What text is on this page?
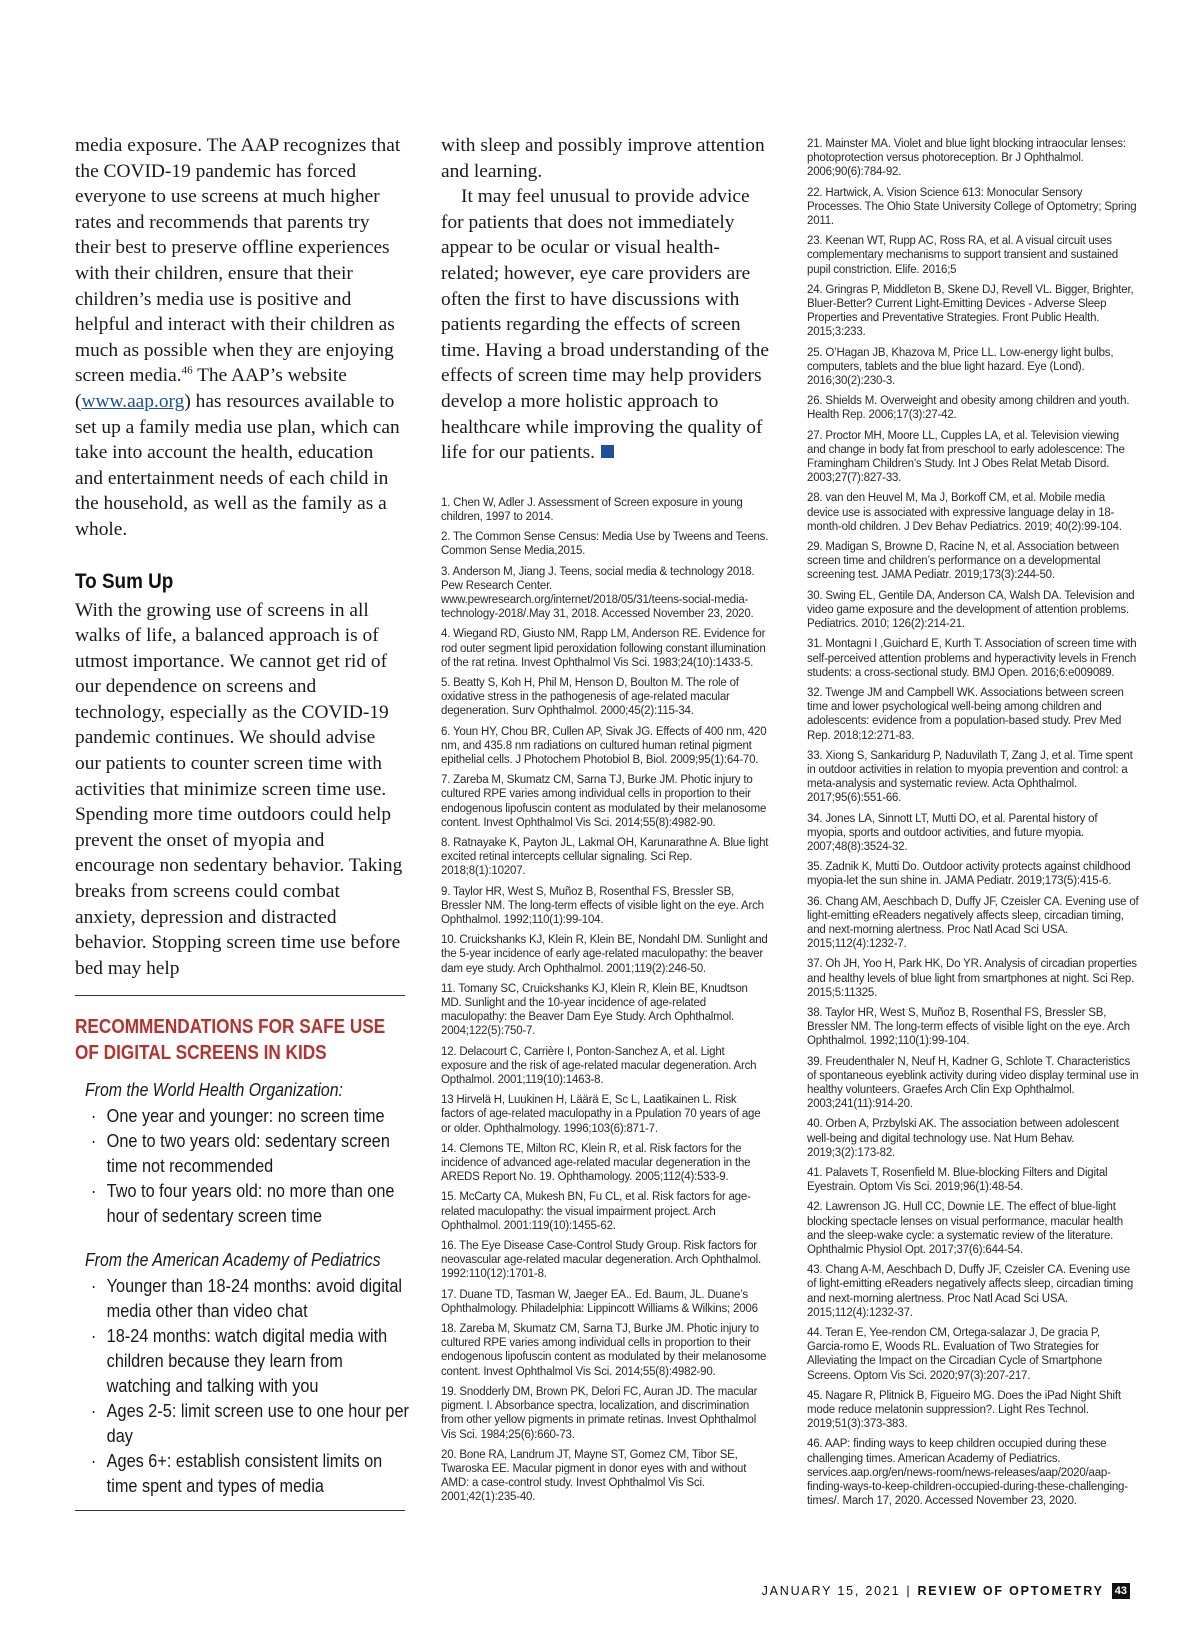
media exposure. The AAP recognizes that the COVID-19 pandemic has forced everyone to use screens at much higher rates and recommends that parents try their best to preserve offline experiences with their children, ensure that their children’s media use is positive and helpful and interact with their children as much as possible when they are enjoying screen media.$^{46}$ The AAP’s website (www.aap.org) has resources available to set up a family media use plan, which can take into account the health, education and entertainment needs of each child in the household, as well as the family as a whole.

To Sum Up

With the growing use of screens in all walks of life, a balanced approach is of utmost importance. We cannot get rid of our dependence on screens and technology, especially as the COVID-19 pandemic continues. We should advise our patients to counter screen time with activities that minimize screen time use. Spending more time outdoors could help prevent the onset of myopia and encourage non sedentary behavior. Taking breaks from screens could combat anxiety, depression and distracted behavior. Stopping screen time use before bed may help

RECOMMENDATIONS FOR SAFE USE OF DIGITAL SCREENS IN KIDS
From the World Health Organization:
· One year and younger: no screen time
· One to two years old: sedentary screen time not recommended
· Two to four years old: no more than one hour of sedentary screen time
From the American Academy of Pediatrics
· Younger than 18-24 months: avoid digital media other than video chat
· 18-24 months: watch digital media with children because they learn from watching and talking with you
· Ages 2-5: limit screen use to one hour per day
· Ages 6+: establish consistent limits on time spent and types of media

with sleep and possibly improve attention and learning.

It may feel unusual to provide advice for patients that does not immediately appear to be ocular or visual health-related; however, eye care providers are often the first to have discussions with patients regarding the effects of screen time. Having a broad understanding of the effects of screen time may help providers develop a more holistic approach to healthcare while improving the quality of life for our patients.

1. Chen W, Adler J. Assessment of Screen exposure in young children, 1997 to 2014.
2. The Common Sense Census: Media Use by Tweens and Teens. Common Sense Media,2015.
3. Anderson M, Jiang J. Teens, social media & technology 2018. Pew Research Center. www.pewresearch.org/internet/2018/05/31/teens-social-media-technology-2018/.May 31, 2018. Accessed November 23, 2020.
4. Wiegand RD, Giusto NM, Rapp LM, Anderson RE. Evidence for rod outer segment lipid peroxidation following constant illumination of the rat retina. Invest Ophthalmol Vis Sci. 1983;24(10):1433-5.
5. Beatty S, Koh H, Phil M, Henson D, Boulton M. The role of oxidative stress in the pathogenesis of age-related macular degeneration. Surv Ophthalmol. 2000;45(2):115-34.
6. Youn HY, Chou BR, Cullen AP, Sivak JG. Effects of 400 nm, 420 nm, and 435.8 nm radiations on cultured human retinal pigment epithelial cells. J Photochem Photobiol B, Biol. 2009;95(1):64-70.
7. Zareba M, Skumatz CM, Sarna TJ, Burke JM. Photic injury to cultured RPE varies among individual cells in proportion to their endogenous lipofuscin content as modulated by their melanosome content. Invest Ophthalmol Vis Sci. 2014;55(8):4982-90.
8. Ratnayake K, Payton JL, Lakmal OH, Karunarathne A. Blue light excited retinal intercepts cellular signaling. Sci Rep. 2018;8(1):10207.
9. Taylor HR, West S, Muñoz B, Rosenthal FS, Bressler SB, Bressler NM. The long-term effects of visible light on the eye. Arch Ophthalmol. 1992;110(1):99-104.
10. Cruickshanks KJ, Klein R, Klein BE, Nondahl DM. Sunlight and the 5-year incidence of early age-related maculopathy: the beaver dam eye study. Arch Ophthalmol. 2001;119(2):246-50.
11. Tomany SC, Cruickshanks KJ, Klein R, Klein BE, Knudtson MD. Sunlight and the 10-year incidence of age-related maculopathy: the Beaver Dam Eye Study. Arch Ophthalmol. 2004;122(5):750-7.
12. Delacourt C, Carrière I, Ponton-Sanchez A, et al. Light exposure and the risk of age-related macular degeneration. Arch Opthalmol. 2001;119(10):1463-8.
13 Hirvelä H, Luukinen H, Läärä E, Sc L, Laatikainen L. Risk factors of age-related maculopathy in a Ppulation 70 years of age or older. Ophthalmology. 1996;103(6):871-7.
14. Clemons TE, Milton RC, Klein R, et al. Risk factors for the incidence of advanced age-related macular degeneration in the AREDS Report No. 19. Ophthamology. 2005;112(4):533-9.
15. McCarty CA, Mukesh BN, Fu CL, et al. Risk factors for age-related maculopathy: the visual impairment project. Arch Ophthalmol. 2001:119(10):1455-62.
16. The Eye Disease Case-Control Study Group. Risk factors for neovascular age-related macular degeneration. Arch Ophthalmol. 1992:110(12):1701-8.
17. Duane TD, Tasman W, Jaeger EA.. Ed. Baum, JL. Duane’s Ophthalmology. Philadelphia: Lippincott Williams & Wilkins; 2006
18. Zareba M, Skumatz CM, Sarna TJ, Burke JM. Photic injury to cultured RPE varies among individual cells in proportion to their endogenous lipofuscin content as modulated by their melanosome content. Invest Ophthalmol Vis Sci. 2014;55(8):4982-90.
19. Snodderly DM, Brown PK, Delori FC, Auran JD. The macular pigment. I. Absorbance spectra, localization, and discrimination from other yellow pigments in primate retinas. Invest Ophthalmol Vis Sci. 1984;25(6):660-73.
20. Bone RA, Landrum JT, Mayne ST, Gomez CM, Tibor SE, Twaroska EE. Macular pigment in donor eyes with and without AMD: a case-control study. Invest Ophthalmol Vis Sci. 2001;42(1):235-40.
21. Mainster MA. Violet and blue light blocking intraocular lenses: photoprotection versus photoreception. Br J Ophthalmol. 2006;90(6):784-92.
22. Hartwick, A. Vision Science 613: Monocular Sensory Processes. The Ohio State University College of Optometry; Spring 2011.
23. Keenan WT, Rupp AC, Ross RA, et al. A visual circuit uses complementary mechanisms to support transient and sustained pupil constriction. Elife. 2016;5
24. Gringras P, Middleton B, Skene DJ, Revell VL. Bigger, Brighter, Bluer-Better? Current Light-Emitting Devices - Adverse Sleep Properties and Preventative Strategies. Front Public Health. 2015;3:233.
25. O’Hagan JB, Khazova M, Price LL. Low-energy light bulbs, computers, tablets and the blue light hazard. Eye (Lond). 2016;30(2):230-3.
26. Shields M. Overweight and obesity among children and youth. Health Rep. 2006;17(3):27-42.
27. Proctor MH, Moore LL, Cupples LA, et al. Television viewing and change in body fat from preschool to early adolescence: The Framingham Children’s Study. Int J Obes Relat Metab Disord. 2003;27(7):827-33.
28. van den Heuvel M, Ma J, Borkoff CM, et al. Mobile media device use is associated with expressive language delay in 18-month-old children. J Dev Behav Pediatrics. 2019; 40(2):99-104.
29. Madigan S, Browne D, Racine N, et al. Association between screen time and children’s performance on a developmental screening test. JAMA Pediatr. 2019;173(3):244-50.
30. Swing EL, Gentile DA, Anderson CA, Walsh DA. Television and video game exposure and the development of attention problems. Pediatrics. 2010; 126(2):214-21.
31. Montagni I ,Guichard E, Kurth T. Association of screen time with self-perceived attention problems and hyperactivity levels in French students: a cross-sectional study. BMJ Open. 2016;6:e009089.
32. Twenge JM and Campbell WK. Associations between screen time and lower psychological well-being among children and adolescents: evidence from a population-based study. Prev Med Rep. 2018;12:271-83.
33. Xiong S, Sankaridurg P, Naduvilath T, Zang J, et al. Time spent in outdoor activities in relation to myopia prevention and control: a meta-analysis and systematic review. Acta Ophthalmol. 2017;95(6):551-66.
34. Jones LA, Sinnott LT, Mutti DO, et al. Parental history of myopia, sports and outdoor activities, and future myopia. 2007;48(8):3524-32.
35. Zadnik K, Mutti Do. Outdoor activity protects against childhood myopia-let the sun shine in. JAMA Pediatr. 2019;173(5):415-6.
36. Chang AM, Aeschbach D, Duffy JF, Czeisler CA. Evening use of light-emitting eReaders negatively affects sleep, circadian timing, and next-morning alertness. Proc Natl Acad Sci USA. 2015;112(4):1232-7.
37. Oh JH, Yoo H, Park HK, Do YR. Analysis of circadian properties and healthy levels of blue light from smartphones at night. Sci Rep. 2015;5:11325.
38. Taylor HR, West S, Muñoz B, Rosenthal FS, Bressler SB, Bressler NM. The long-term effects of visible light on the eye. Arch Ophthalmol. 1992;110(1):99-104.
39. Freudenthaler N, Neuf H, Kadner G, Schlote T. Characteristics of spontaneous eyeblink activity during video display terminal use in healthy volunteers. Graefes Arch Clin Exp Ophthalmol. 2003;241(11):914-20.
40. Orben A, Przbylski AK. The association between adolescent well-being and digital technology use. Nat Hum Behav. 2019;3(2):173-82.
41. Palavets T, Rosenfield M. Blue-blocking Filters and Digital Eyestrain. Optom Vis Sci. 2019;96(1):48-54.
42. Lawrenson JG. Hull CC, Downie LE. The effect of blue-light blocking spectacle lenses on visual performance, macular health and the sleep-wake cycle: a systematic review of the literature. Ophthalmic Physiol Opt. 2017;37(6):644-54.
43. Chang A-M, Aeschbach D, Duffy JF, Czeisler CA. Evening use of light-emitting eReaders negatively affects sleep, circadian timing and next-morning alertness. Proc Natl Acad Sci USA. 2015;112(4):1232-37.
44. Teran E, Yee-rendon CM, Ortega-salazar J, De gracia P, Garcia-romo E, Woods RL. Evaluation of Two Strategies for Alleviating the Impact on the Circadian Cycle of Smartphone Screens. Optom Vis Sci. 2020;97(3):207-217.
45. Nagare R, Plitnick B, Figueiro MG. Does the iPad Night Shift mode reduce melatonin suppression?. Light Res Technol. 2019;51(3):373-383.
46. AAP: finding ways to keep children occupied during these challenging times. American Academy of Pediatrics. services.aap.org/en/news-room/news-releases/aap/2020/aap-finding-ways-to-keep-children-occupied-during-these-challenging-times/. March 17, 2020. Accessed November 23, 2020.
JANUARY 15, 2021 | REVIEW OF OPTOMETRY 43
